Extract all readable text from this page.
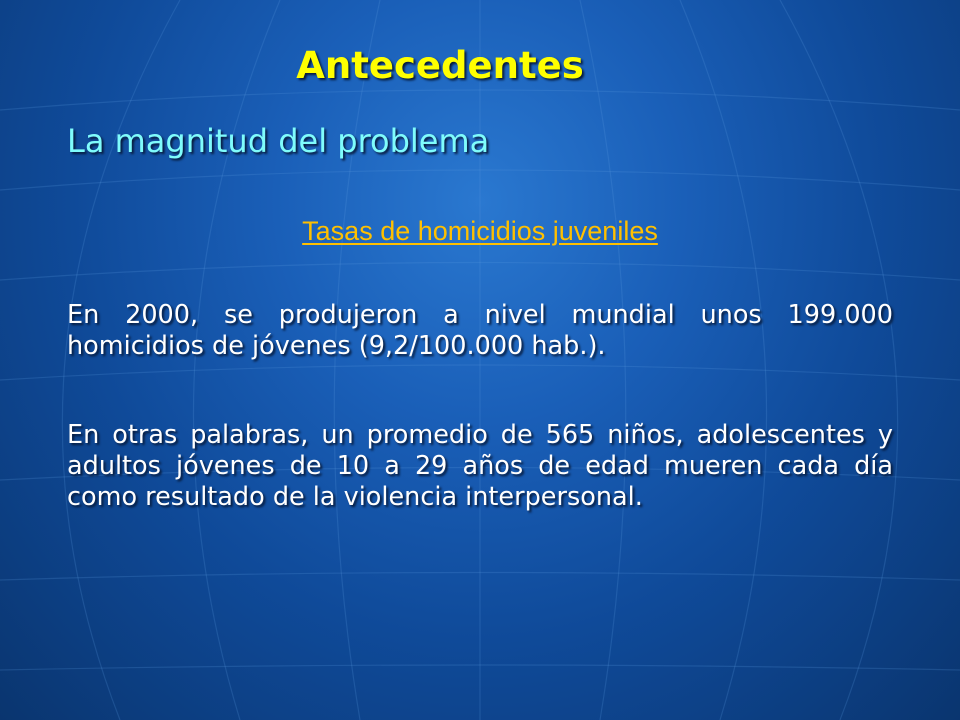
Antecedentes
La magnitud del problema
Tasas de homicidios juveniles
En 2000, se produjeron a nivel mundial unos 199.000 homicidios de jóvenes (9,2/100.000 hab.).
En otras palabras, un promedio de 565 niños, adolescentes y adultos jóvenes de 10 a 29 años de edad mueren cada día como resultado de la violencia interpersonal.
